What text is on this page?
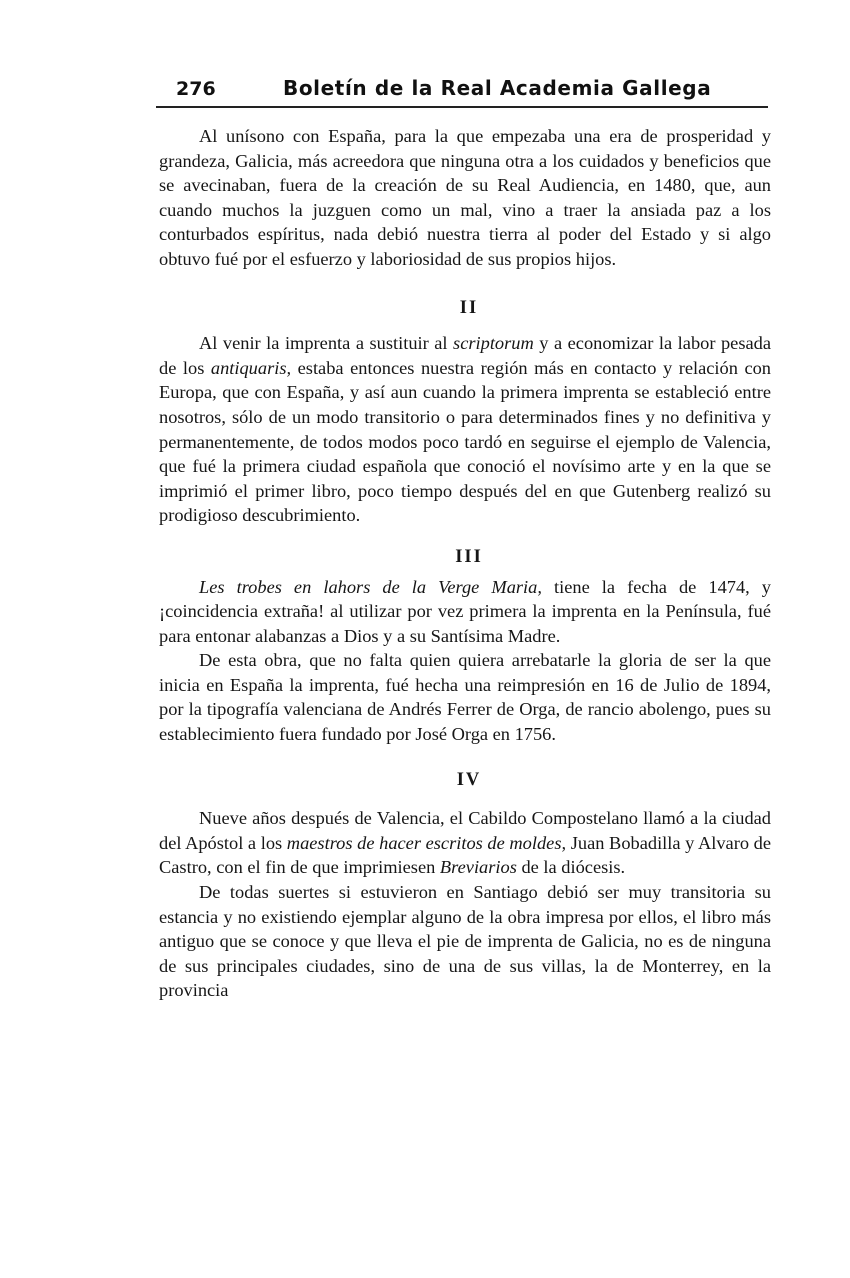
276	Boletín de la Real Academia Gallega

Al unísono con España, para la que empezaba una era de prosperidad y grandeza, Galicia, más acreedora que ninguna otra a los cuidados y beneficios que se avecinaban, fuera de la creación de su Real Audiencia, en 1480, que, aun cuando muchos la juzguen como un mal, vino a traer la ansiada paz a los conturbados espíritus, nada debió nuestra tierra al poder del Estado y si algo obtuvo fué por el esfuerzo y laboriosidad de sus propios hijos.

II

Al venir la imprenta a sustituir al scriptorum y a economizar la labor pesada de los antiquaris, estaba entonces nuestra región más en contacto y relación con Europa, que con España, y así aun cuando la primera imprenta se estableció entre nosotros, sólo de un modo transitorio o para determinados fines y no definitiva y permanentemente, de todos modos poco tardó en seguirse el ejemplo de Valencia, que fué la primera ciudad española que conoció el novísimo arte y en la que se imprimió el primer libro, poco tiempo después del en que Gutenberg realizó su prodigioso descubrimiento.

III

Les trobes en lahors de la Verge Maria, tiene la fecha de 1474, y ¡coincidencia extraña! al utilizar por vez primera la imprenta en la Península, fué para entonar alabanzas a Dios y a su Santísima Madre.

De esta obra, que no falta quien quiera arrebatarle la gloria de ser la que inicia en España la imprenta, fué hecha una reimpresión en 16 de Julio de 1894, por la tipografía valenciana de Andrés Ferrer de Orga, de rancio abolengo, pues su establecimiento fuera fundado por José Orga en 1756.

IV

Nueve años después de Valencia, el Cabildo Compostelano llamó a la ciudad del Apóstol a los maestros de hacer escritos de moldes, Juan Bobadilla y Alvaro de Castro, con el fin de que imprimiesen Breviarios de la diócesis.

De todas suertes si estuvieron en Santiago debió ser muy transitoria su estancia y no existiendo ejemplar alguno de la obra impresa por ellos, el libro más antiguo que se conoce y que lleva el pie de imprenta de Galicia, no es de ninguna de sus principales ciudades, sino de una de sus villas, la de Monterrey, en la provincia
